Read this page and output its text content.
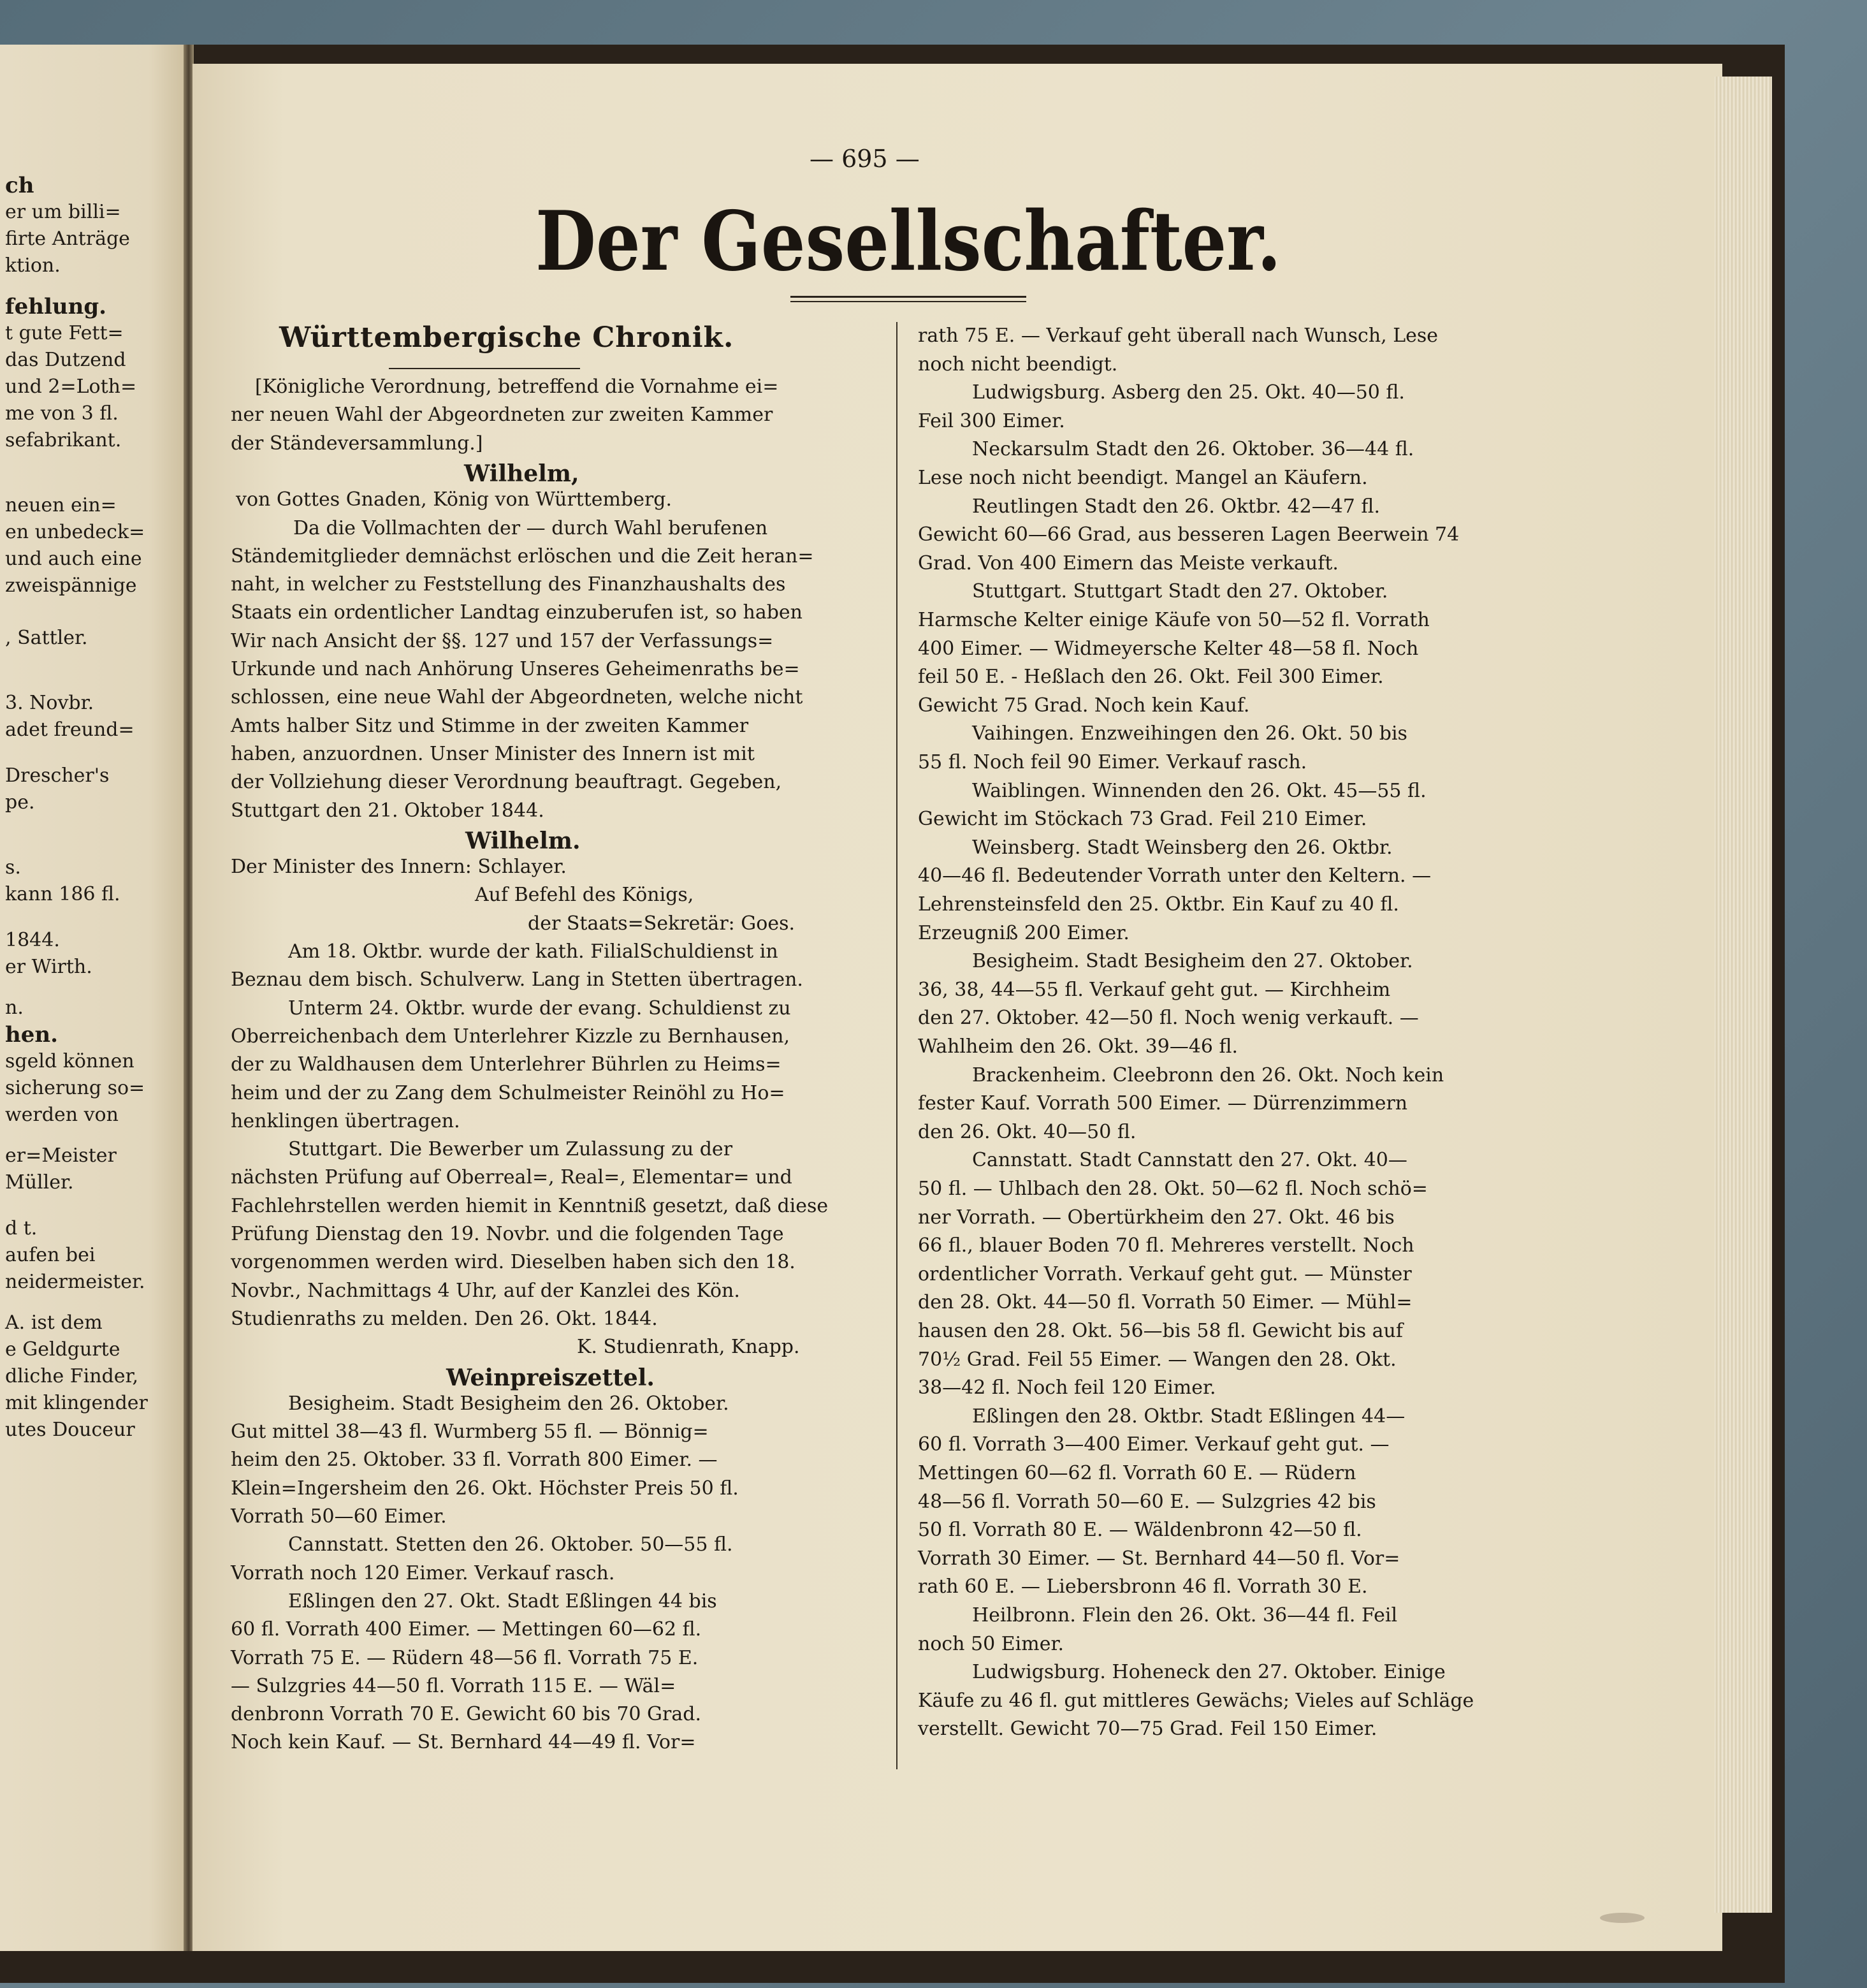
ch
er um billi=
firte Anträge
ktion.
fehlung.
t gute Fett=
das Dutzend
und 2=Loth=
me von 3 fl.
sefabrikant.
neuen ein=
en unbedeck=
und auch eine
zweispännige
, Sattler.
3. Novbr.
adet freund=
Drescher's
pe.
s.
kann 186 fl.
1844.
er Wirth.
n.
hen.
sgeld können
sicherung so=
werden von
er=Meister
Müller.
d t.
aufen bei
neidermeister.
A. ist dem
e Geldgurte
dliche Finder,
mit klingender
utes Douceur
— 695 —
Der Gesellschafter.
Württembergische Chronik.
[Königliche Verordnung, betreffend die Vornahme ei=
ner neuen Wahl der Abgeordneten zur zweiten Kammer
der Ständeversammlung.]
Wilhelm,
von Gottes Gnaden, König von Württemberg.
Da die Vollmachten der — durch Wahl berufenen
Ständemitglieder demnächst erlöschen und die Zeit heran=
naht, in welcher zu Feststellung des Finanzhaushalts des
Staats ein ordentlicher Landtag einzuberufen ist, so haben
Wir nach Ansicht der §§. 127 und 157 der Verfassungs=
Urkunde und nach Anhörung Unseres Geheimenraths be=
schlossen, eine neue Wahl der Abgeordneten, welche nicht
Amts halber Sitz und Stimme in der zweiten Kammer
haben, anzuordnen. Unser Minister des Innern ist mit
der Vollziehung dieser Verordnung beauftragt. Gegeben,
Stuttgart den 21. Oktober 1844.
Wilhelm.
Der Minister des Innern: Schlayer.
Auf Befehl des Königs,
der Staats=Sekretär: Goes.
Am 18. Oktbr. wurde der kath. FilialSchuldienst in
Beznau dem bisch. Schulverw. Lang in Stetten übertragen.
Unterm 24. Oktbr. wurde der evang. Schuldienst zu
Oberreichenbach dem Unterlehrer Kizzle zu Bernhausen,
der zu Waldhausen dem Unterlehrer Bührlen zu Heims=
heim und der zu Zang dem Schulmeister Reinöhl zu Ho=
henklingen übertragen.
Stuttgart. Die Bewerber um Zulassung zu der
nächsten Prüfung auf Oberreal=, Real=, Elementar= und
Fachlehrstellen werden hiemit in Kenntniß gesetzt, daß diese
Prüfung Dienstag den 19. Novbr. und die folgenden Tage
vorgenommen werden wird. Dieselben haben sich den 18.
Novbr., Nachmittags 4 Uhr, auf der Kanzlei des Kön.
Studienraths zu melden. Den 26. Okt. 1844.
K. Studienrath, Knapp.
Weinpreiszettel.
Besigheim. Stadt Besigheim den 26. Oktober.
Gut mittel 38—43 fl. Wurmberg 55 fl. — Bönnig=
heim den 25. Oktober. 33 fl. Vorrath 800 Eimer. —
Klein=Ingersheim den 26. Okt. Höchster Preis 50 fl.
Vorrath 50—60 Eimer.
Cannstatt. Stetten den 26. Oktober. 50—55 fl.
Vorrath noch 120 Eimer. Verkauf rasch.
Eßlingen den 27. Okt. Stadt Eßlingen 44 bis
60 fl. Vorrath 400 Eimer. — Mettingen 60—62 fl.
Vorrath 75 E. — Rüdern 48—56 fl. Vorrath 75 E.
— Sulzgries 44—50 fl. Vorrath 115 E. — Wäl=
denbronn Vorrath 70 E. Gewicht 60 bis 70 Grad.
Noch kein Kauf. — St. Bernhard 44—49 fl. Vor=
rath 75 E. — Verkauf geht überall nach Wunsch, Lese
noch nicht beendigt.
Ludwigsburg. Asberg den 25. Okt. 40—50 fl.
Feil 300 Eimer.
Neckarsulm Stadt den 26. Oktober. 36—44 fl.
Lese noch nicht beendigt. Mangel an Käufern.
Reutlingen Stadt den 26. Oktbr. 42—47 fl.
Gewicht 60—66 Grad, aus besseren Lagen Beerwein 74
Grad. Von 400 Eimern das Meiste verkauft.
Stuttgart. Stuttgart Stadt den 27. Oktober.
Harmsche Kelter einige Käufe von 50—52 fl. Vorrath
400 Eimer. — Widmeyersche Kelter 48—58 fl. Noch
feil 50 E. - Heßlach den 26. Okt. Feil 300 Eimer.
Gewicht 75 Grad. Noch kein Kauf.
Vaihingen. Enzweihingen den 26. Okt. 50 bis
55 fl. Noch feil 90 Eimer. Verkauf rasch.
Waiblingen. Winnenden den 26. Okt. 45—55 fl.
Gewicht im Stöckach 73 Grad. Feil 210 Eimer.
Weinsberg. Stadt Weinsberg den 26. Oktbr.
40—46 fl. Bedeutender Vorrath unter den Keltern. —
Lehrensteinsfeld den 25. Oktbr. Ein Kauf zu 40 fl.
Erzeugniß 200 Eimer.
Besigheim. Stadt Besigheim den 27. Oktober.
36, 38, 44—55 fl. Verkauf geht gut. — Kirchheim
den 27. Oktober. 42—50 fl. Noch wenig verkauft. —
Wahlheim den 26. Okt. 39—46 fl.
Brackenheim. Cleebronn den 26. Okt. Noch kein
fester Kauf. Vorrath 500 Eimer. — Dürrenzimmern
den 26. Okt. 40—50 fl.
Cannstatt. Stadt Cannstatt den 27. Okt. 40—
50 fl. — Uhlbach den 28. Okt. 50—62 fl. Noch schö=
ner Vorrath. — Obertürkheim den 27. Okt. 46 bis
66 fl., blauer Boden 70 fl. Mehreres verstellt. Noch
ordentlicher Vorrath. Verkauf geht gut. — Münster
den 28. Okt. 44—50 fl. Vorrath 50 Eimer. — Mühl=
hausen den 28. Okt. 56—bis 58 fl. Gewicht bis auf
70½ Grad. Feil 55 Eimer. — Wangen den 28. Okt.
38—42 fl. Noch feil 120 Eimer.
Eßlingen den 28. Oktbr. Stadt Eßlingen 44—
60 fl. Vorrath 3—400 Eimer. Verkauf geht gut. —
Mettingen 60—62 fl. Vorrath 60 E. — Rüdern
48—56 fl. Vorrath 50—60 E. — Sulzgries 42 bis
50 fl. Vorrath 80 E. — Wäldenbronn 42—50 fl.
Vorrath 30 Eimer. — St. Bernhard 44—50 fl. Vor=
rath 60 E. — Liebersbronn 46 fl. Vorrath 30 E.
Heilbronn. Flein den 26. Okt. 36—44 fl. Feil
noch 50 Eimer.
Ludwigsburg. Hoheneck den 27. Oktober. Einige
Käufe zu 46 fl. gut mittleres Gewächs; Vieles auf Schläge
verstellt. Gewicht 70—75 Grad. Feil 150 Eimer.
